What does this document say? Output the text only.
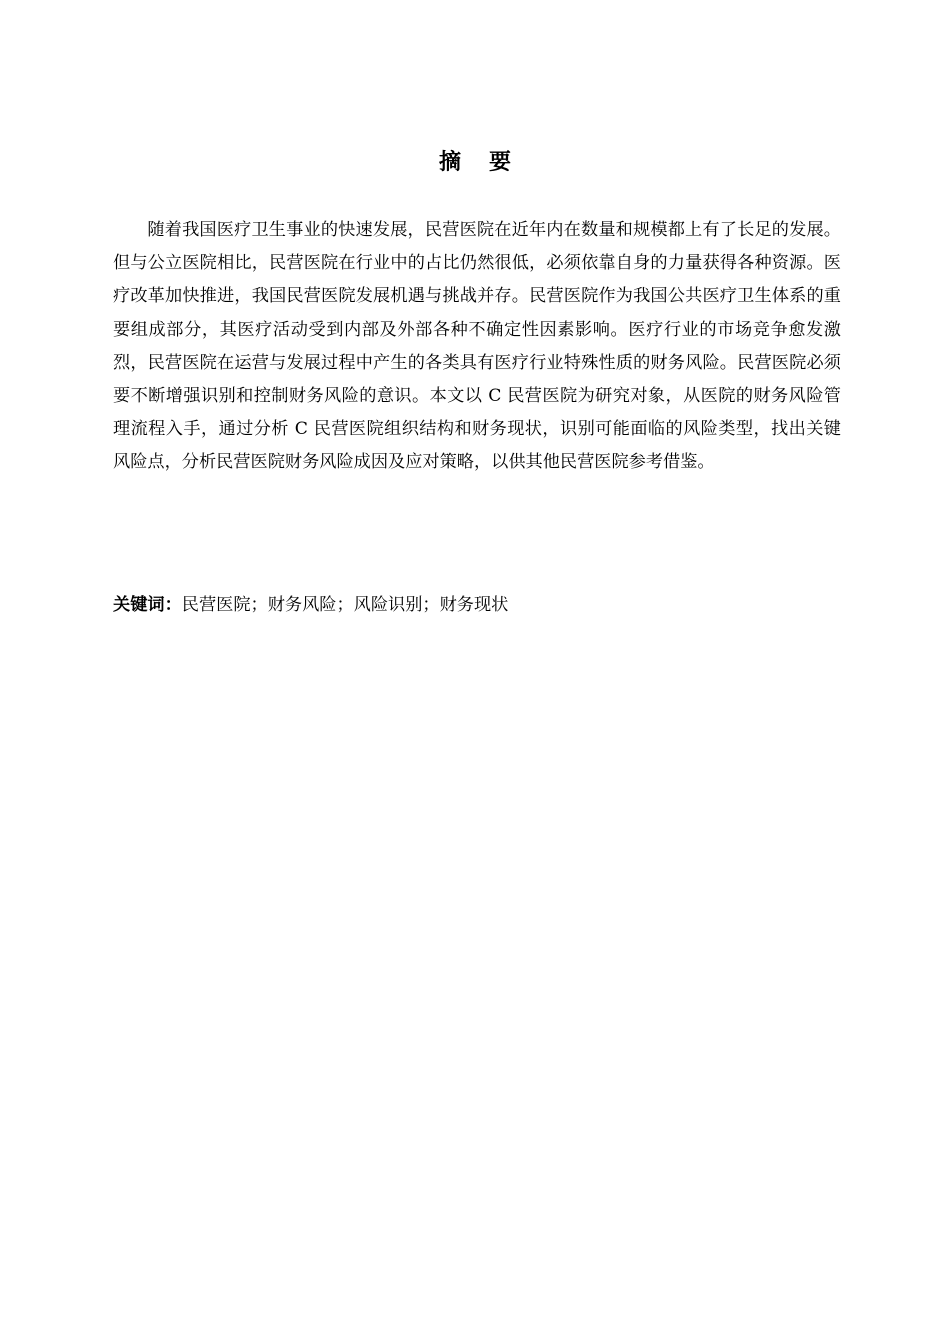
摘 要

随着我国医疗卫生事业的快速发展，民营医院在近年内在数量和规模都上有了长足的发展。但与公立医院相比，民营医院在行业中的占比仍然很低，必须依靠自身的力量获得各种资源。医疗改革加快推进，我国民营医院发展机遇与挑战并存。民营医院作为我国公共医疗卫生体系的重要组成部分，其医疗活动受到内部及外部各种不确定性因素影响。医疗行业的市场竞争愈发激烈，民营医院在运营与发展过程中产生的各类具有医疗行业特殊性质的财务风险。民营医院必须要不断增强识别和控制财务风险的意识。本文以 C 民营医院为研究对象，从医院的财务风险管理流程入手，通过分析 C 民营医院组织结构和财务现状，识别可能面临的风险类型，找出关键风险点，分析民营医院财务风险成因及应对策略，以供其他民营医院参考借鉴。

关键词：民营医院；财务风险；风险识别；财务现状
